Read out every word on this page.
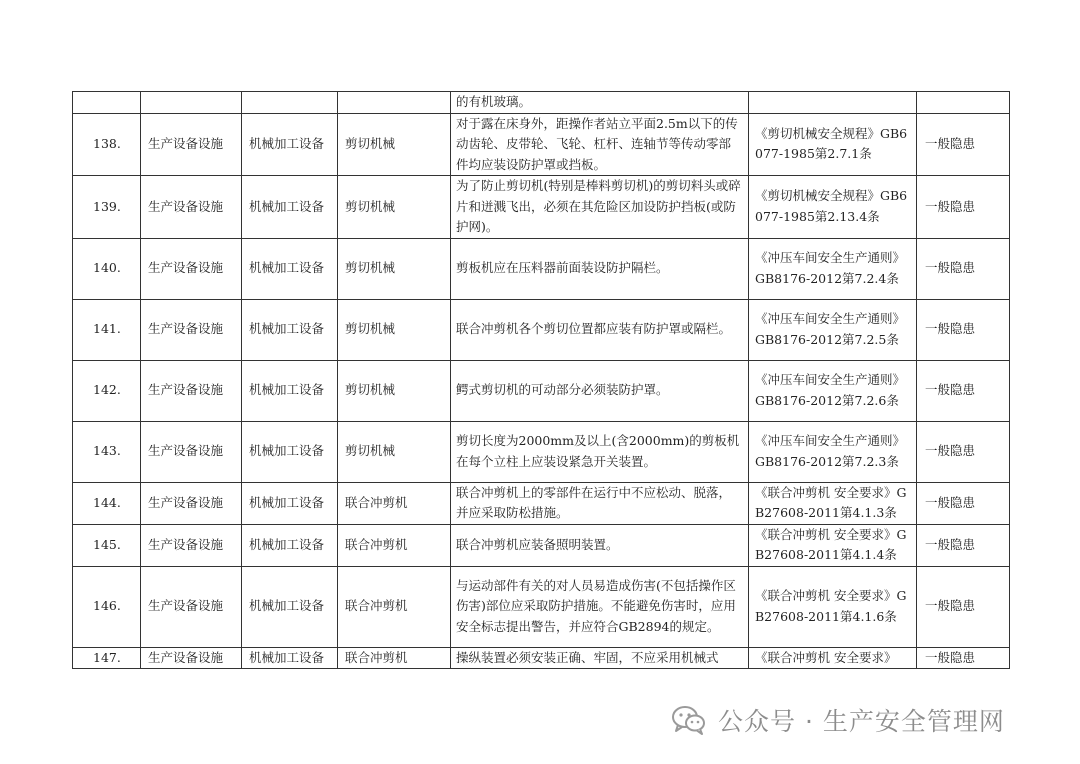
				的有机玻璃。		
138.	生产设备设施	机械加工设备	剪切机械	对于露在床身外，距操作者站立平面2.5m以下的传动齿轮、皮带轮、飞轮、杠杆、连轴节等传动零部件均应装设防护罩或挡板。	《剪切机械安全规程》GB6077-1985第2.7.1条	一般隐患
139.	生产设备设施	机械加工设备	剪切机械	为了防止剪切机(特别是棒料剪切机)的剪切料头或碎片和迸溅飞出，必须在其危险区加设防护挡板(或防护网)。	《剪切机械安全规程》GB6077-1985第2.13.4条	一般隐患
140.	生产设备设施	机械加工设备	剪切机械	剪板机应在压料器前面装设防护隔栏。	《冲压车间安全生产通则》GB8176-2012第7.2.4条	一般隐患
141.	生产设备设施	机械加工设备	剪切机械	联合冲剪机各个剪切位置都应装有防护罩或隔栏。	《冲压车间安全生产通则》GB8176-2012第7.2.5条	一般隐患
142.	生产设备设施	机械加工设备	剪切机械	鳄式剪切机的可动部分必须装防护罩。	《冲压车间安全生产通则》GB8176-2012第7.2.6条	一般隐患
143.	生产设备设施	机械加工设备	剪切机械	剪切长度为2000mm及以上(含2000mm)的剪板机在每个立柱上应装设紧急开关装置。	《冲压车间安全生产通则》GB8176-2012第7.2.3条	一般隐患
144.	生产设备设施	机械加工设备	联合冲剪机	联合冲剪机上的零部件在运行中不应松动、脱落，并应采取防松措施。	《联合冲剪机 安全要求》GB27608-2011第4.1.3条	一般隐患
145.	生产设备设施	机械加工设备	联合冲剪机	联合冲剪机应装备照明装置。	《联合冲剪机 安全要求》GB27608-2011第4.1.4条	一般隐患
146.	生产设备设施	机械加工设备	联合冲剪机	与运动部件有关的对人员易造成伤害(不包括操作区伤害)部位应采取防护措施。不能避免伤害时，应用安全标志提出警告，并应符合GB2894的规定。	《联合冲剪机 安全要求》GB27608-2011第4.1.6条	一般隐患
147.	生产设备设施	机械加工设备	联合冲剪机	操纵装置必须安装正确、牢固，不应采用机械式	《联合冲剪机 安全要求》	一般隐患
公众号 · 生产安全管理网
